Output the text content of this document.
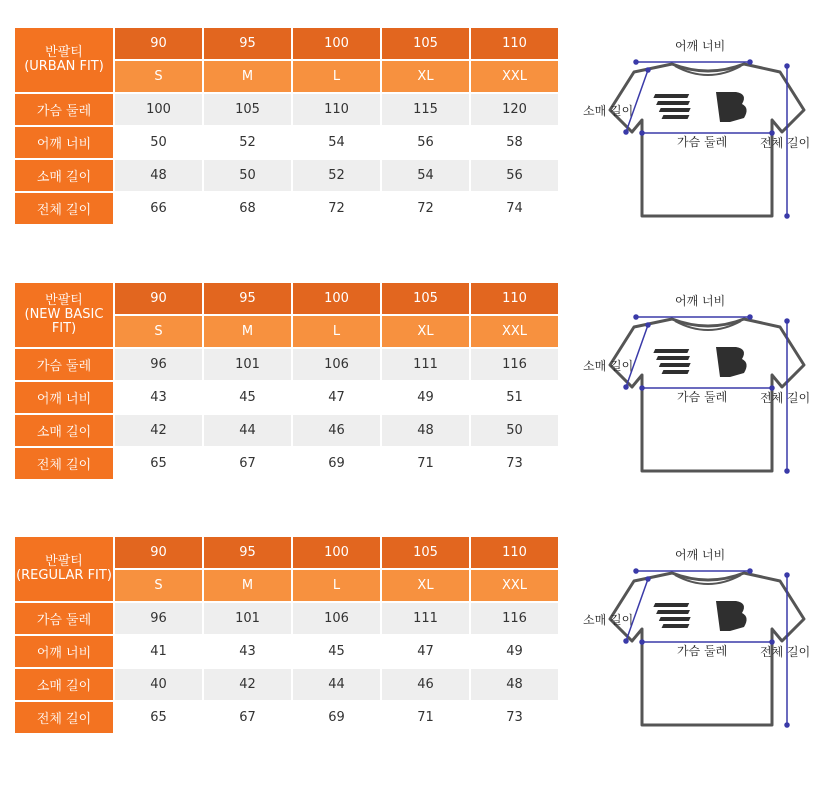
반팔티
(URBAN FIT)	90	95	100	105	110
	S	M	L	XL	XXL
가슴 둘레	100	105	110	115	120
어깨 너비	50	52	54	56	58
소매 길이	48	50	52	54	56
전체 길이	66	68	72	72	74
어깨 너비
소매 길이
가슴 둘레	전체 길이
반팔티
(NEW BASIC FIT)	90	95	100	105	110
	S	M	L	XL	XXL
가슴 둘레	96	101	106	111	116
어깨 너비	43	45	47	49	51
소매 길이	42	44	46	48	50
전체 길이	65	67	69	71	73
어깨 너비
소매 길이
가슴 둘레	전체 길이
반팔티
(REGULAR FIT)	90	95	100	105	110
	S	M	L	XL	XXL
가슴 둘레	96	101	106	111	116
어깨 너비	41	43	45	47	49
소매 길이	40	42	44	46	48
전체 길이	65	67	69	71	73
어깨 너비
소매 길이
가슴 둘레	전체 길이
